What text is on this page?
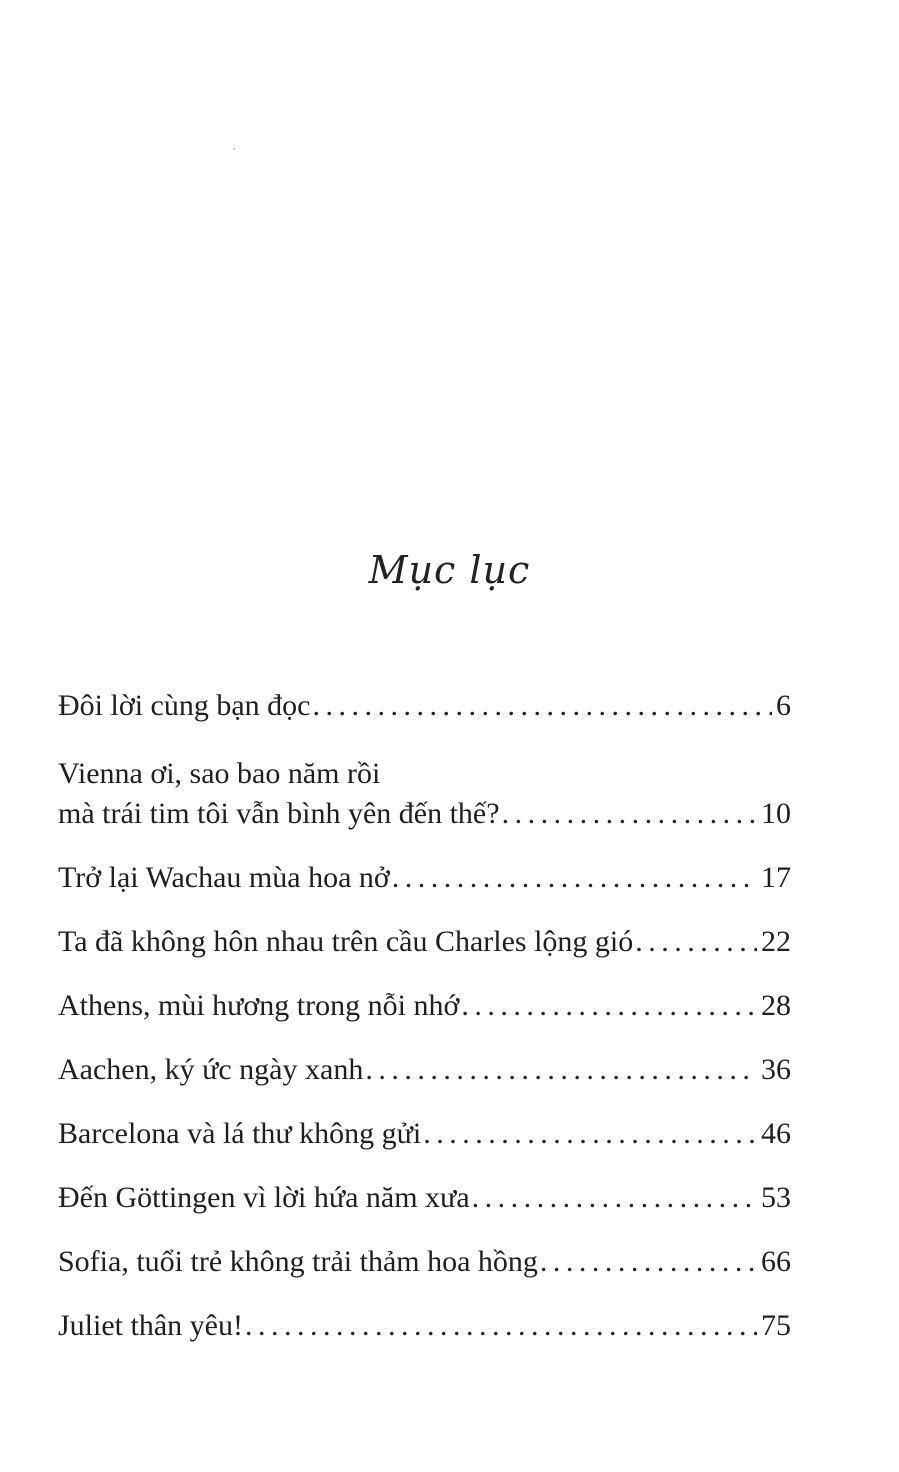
Mục lục
Đôi lời cùng bạn đọc . . .	6
Vienna ơi, sao bao năm rồi
mà trái tim tôi vẫn bình yên đến thế? . . .	10
Trở lại Wachau mùa hoa nở . . .	17
Ta đã không hôn nhau trên cầu Charles lộng gió . . .	22
Athens, mùi hương trong nỗi nhớ . . .	28
Aachen, ký ức ngày xanh . . .	36
Barcelona và lá thư không gửi . . .	46
Đến Göttingen vì lời hứa năm xưa . . .	53
Sofia, tuổi trẻ không trải thảm hoa hồng . . .	66
Juliet thân yêu! . . .	75
